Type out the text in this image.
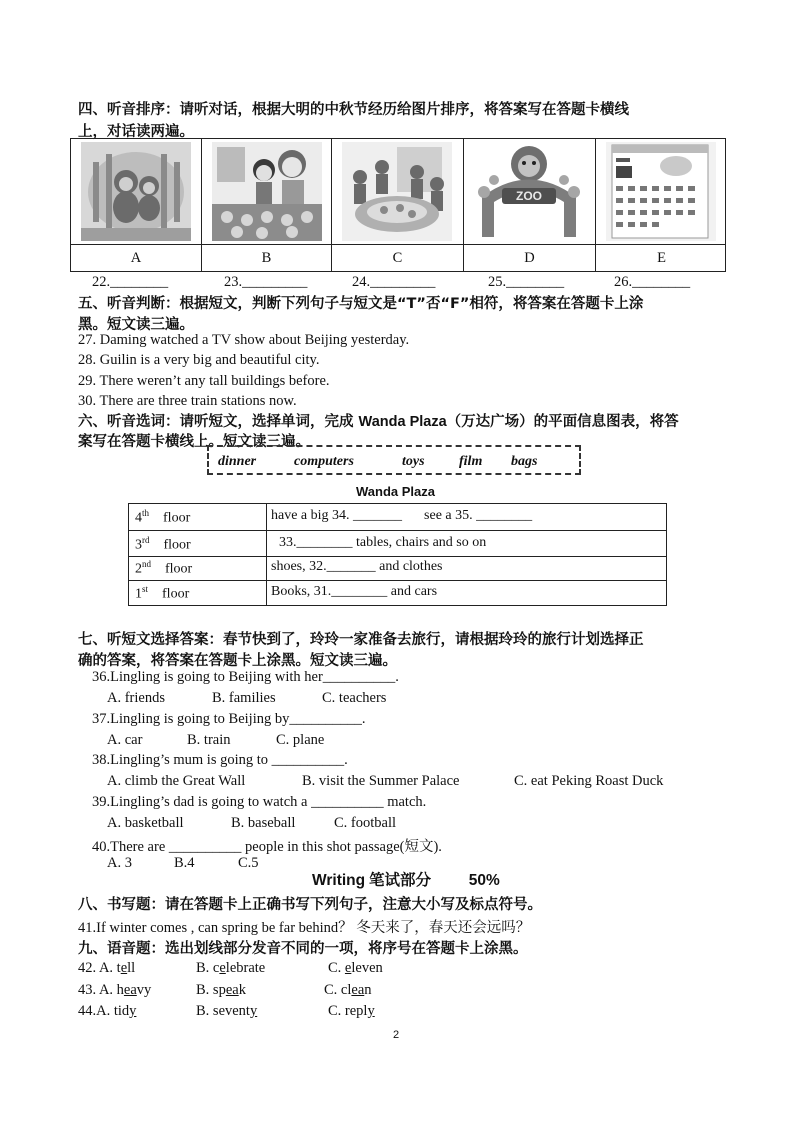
四、听音排序：请听对话，根据大明的中秋节经历给图片排序，将答案写在答题卡横线
上，对话读两遍。
A	B	C
ZOO
D	E
22.________	23._________	24._________	25.________	26.________
五、听音判断：根据短文，判断下列句子与短文是“T”否“F”相符，将答案在答题卡上涂
黑。短文读三遍。
27. Daming watched a TV show about Beijing yesterday.
28. Guilin is a very big and beautiful city.
29. There weren’t any tall buildings before.
30. There are three train stations now.
六、听音选词：请听短文，选择单词，完成 Wanda Plaza（万达广场）的平面信息图表，将答
案写在答题卡横线上。短文读三遍。
dinner	computers	toys film bags
Wanda Plaza
4th floor	have a big 34. _______ see a 35. ________
3rd floor	33.________ tables, chairs and so on
2nd floor	shoes, 32._______ and clothes
1st floor	Books, 31.________ and cars
七、听短文选择答案：春节快到了，玲玲一家准备去旅行，请根据玲玲的旅行计划选择正
确的答案，将答案在答题卡上涂黑。短文读三遍。
36.Lingling is going to Beijing with her__________.
A. friends	B. families	C. teachers
37.Lingling is going to Beijing by__________.
A. car	B. train	C. plane
38.Lingling’s mum is going to __________.
A. climb the Great Wall	B. visit the Summer Palace	C. eat Peking Roast Duck
39.Lingling’s dad is going to watch a __________ match.
A. basketball	B. baseball	C. football
40.There are __________ people in this shot passage(短文).
A. 3	B.4	C.5
Writing 笔试部分 50%
八、书写题：请在答题卡上正确书写下列句子，注意大小写及标点符号。
41.If winter comes , can spring be far behind？ 冬天来了，春天还会远吗？
九、语音题：选出划线部分发音不同的一项，将序号在答题卡上涂黑。
42. A. tell	B. celebrate	C. eleven
43. A. heavy	B. speak	C. clean
44.A. tidy	B. seventy	C. reply
2
